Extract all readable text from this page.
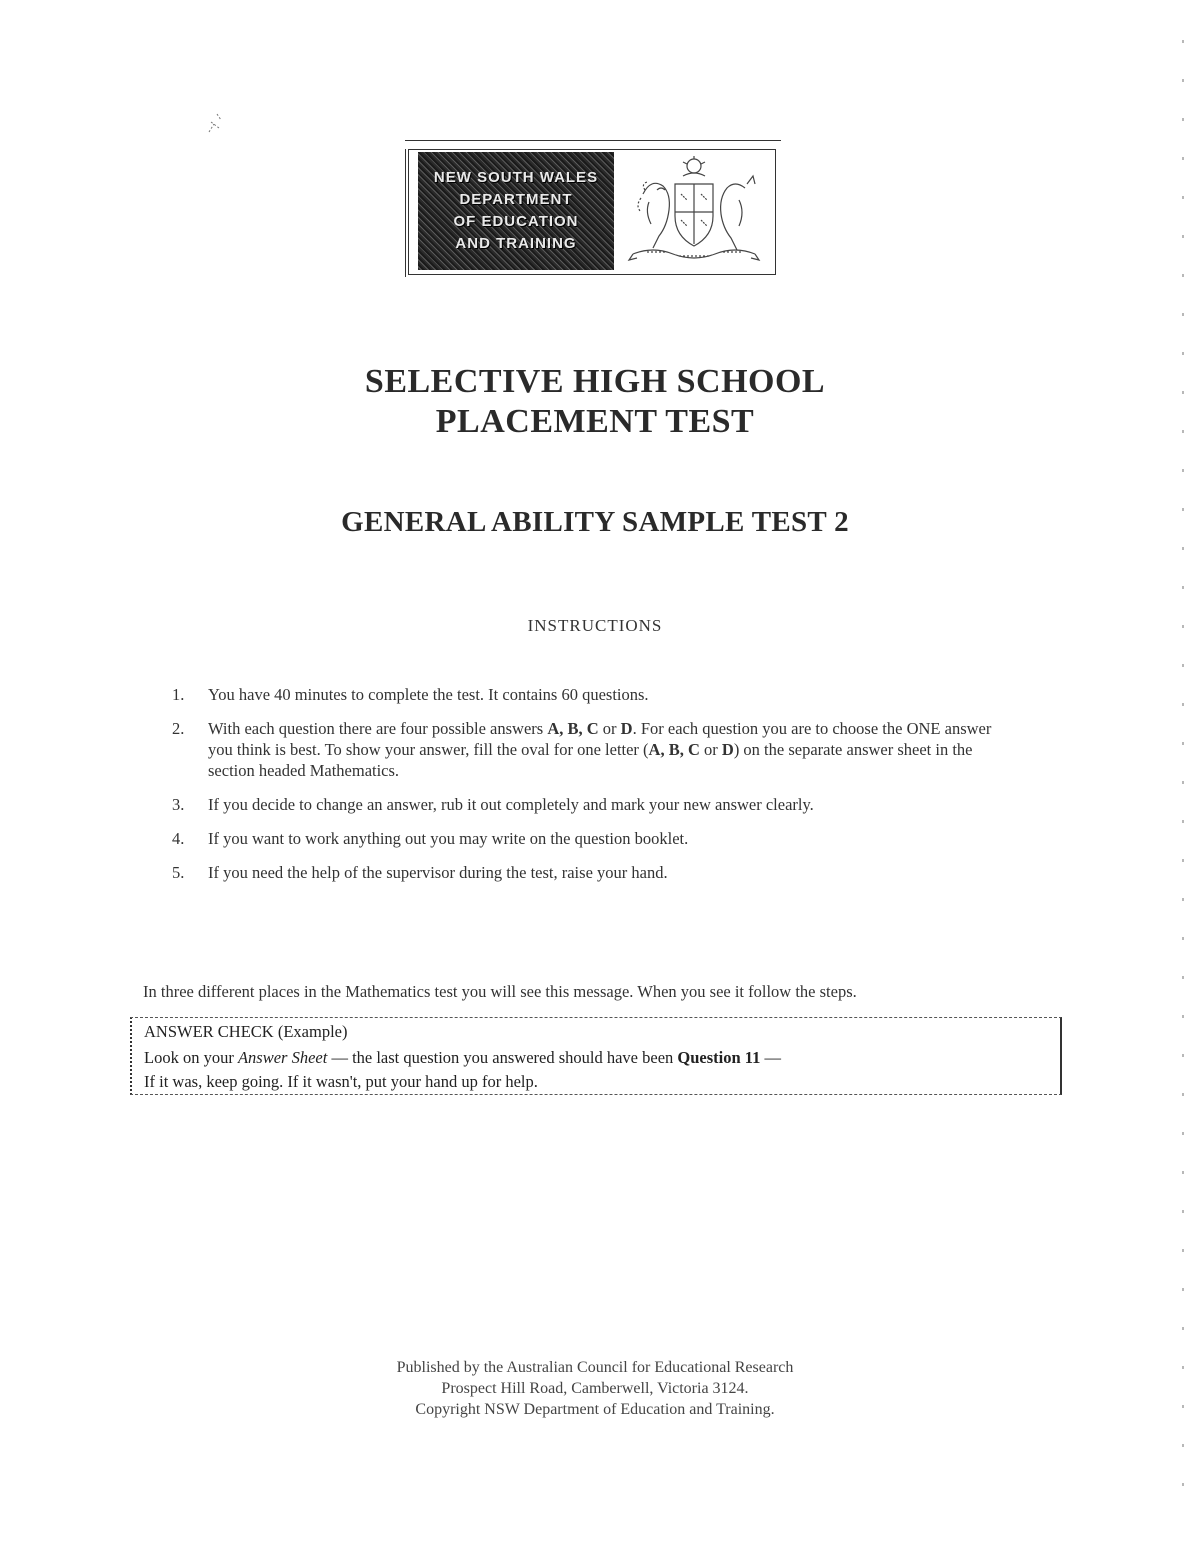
NEW SOUTH WALES
DEPARTMENT
OF EDUCATION
AND TRAINING
SELECTIVE HIGH SCHOOL
PLACEMENT TEST
GENERAL ABILITY SAMPLE TEST 2
INSTRUCTIONS
1.	You have 40 minutes to complete the test. It contains 60 questions.
2.	With each question there are four possible answers A, B, C or D. For each question you are to choose the ONE answer you think is best. To show your answer, fill the oval for one letter (A, B, C or D) on the separate answer sheet in the section headed Mathematics.
3.	If you decide to change an answer, rub it out completely and mark your new answer clearly.
4.	If you want to work anything out you may write on the question booklet.
5.	If you need the help of the supervisor during the test, raise your hand.
In three different places in the Mathematics test you will see this message. When you see it follow the steps.
ANSWER CHECK (Example)
Look on your Answer Sheet — the last question you answered should have been Question 11 —
If it was, keep going. If it wasn't, put your hand up for help.
Published by the Australian Council for Educational Research
Prospect Hill Road, Camberwell, Victoria 3124.
Copyright NSW Department of Education and Training.
